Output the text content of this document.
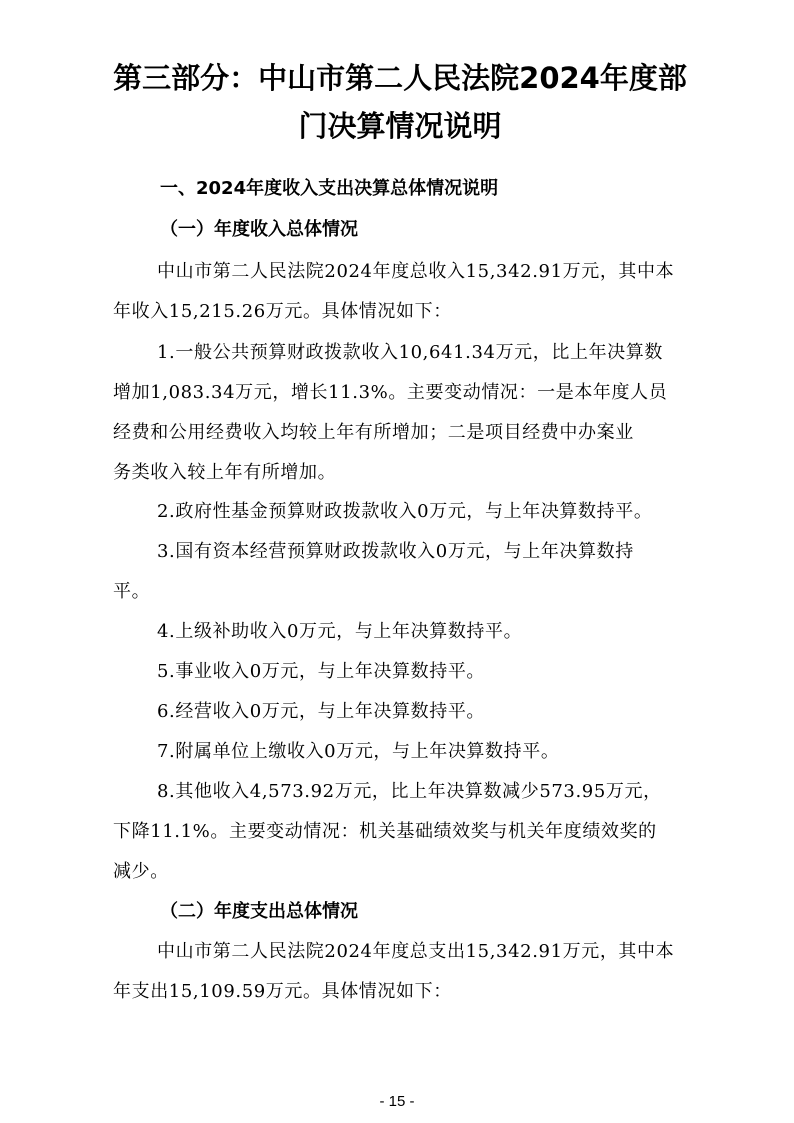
第三部分：中山市第二人民法院2024年度部
门决算情况说明
一、2024年度收入支出决算总体情况说明
（一）年度收入总体情况
中山市第二人民法院2024年度总收入15,342.91万元，其中本
年收入15,215.26万元。具体情况如下：
1.一般公共预算财政拨款收入10,641.34万元，比上年决算数
增加1,083.34万元，增长11.3%。主要变动情况：一是本年度人员
经费和公用经费收入均较上年有所增加；二是项目经费中办案业
务类收入较上年有所增加。
2.政府性基金预算财政拨款收入0万元，与上年决算数持平。
3.国有资本经营预算财政拨款收入0万元，与上年决算数持
平。
4.上级补助收入0万元，与上年决算数持平。
5.事业收入0万元，与上年决算数持平。
6.经营收入0万元，与上年决算数持平。
7.附属单位上缴收入0万元，与上年决算数持平。
8.其他收入4,573.92万元，比上年决算数减少573.95万元，
下降11.1%。主要变动情况：机关基础绩效奖与机关年度绩效奖的
减少。
（二）年度支出总体情况
中山市第二人民法院2024年度总支出15,342.91万元，其中本
年支出15,109.59万元。具体情况如下：
- 15 -
